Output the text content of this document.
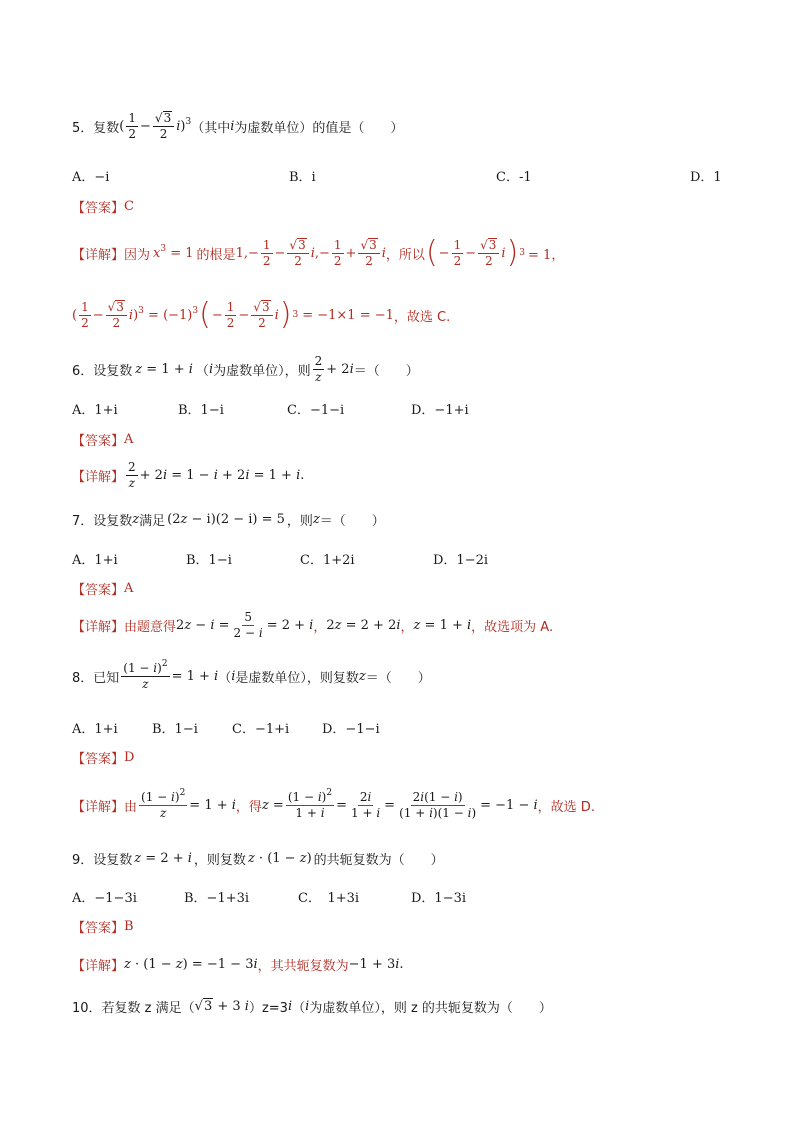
5． 复数 ( $\frac{1}{2} - \frac{√ 3}{2}$ i )$^3$ （其中 i 为虚数单位）的值是（　　）
A．−i	B．i	C．-1	D．1
【答案】 C
【详解】 因为 $x^3 = 1$ 的根是 $1,- \frac{1}{2} - \frac{√ 3}{2}$ i ,− $\frac{1}{2} + \frac{√ 3}{2}$ i ，所以 ( − $\frac{1}{2} - \frac{√ 3}{2}$ i ) 3 = 1，
( $\frac{1}{2} - \frac{√ 3}{2}$ i )$^3 = (-1)^3$ ( − $\frac{1}{2} - \frac{√ 3}{2}$ i ) 3 = −1×1 = −1 ，故选 C.
6． 设复数 z = 1 + i （ i 为虚数单位），则 $\frac{2}{z} + 2i$ ＝（　　）
A．1+i	B．1−i	C．−1−i	D．−1+i
【答案】 A
【详解】 $\frac{2}{z} + 2i = 1 - i + 2i = 1 + i$.
7． 设复数 z 满足 (2z − i)(2 − i) = 5 ，则 z ＝（　　）
A．1+i	B．1−i	C．1+2i	D．1−2i
【答案】 A
【详解】 由题意得 $2z - i = \frac{5}{2 - i} = 2 + i$ ， 2z = 2 + 2i ， z = 1 + i ，故选项为 A.
8． 已知 $\frac{(1 - i)^2}{z} = 1 + i$ （ i 是虚数单位），则复数 z ＝（　　）
A．1+i	B．1−i	C．−1+i	D．−1−i
【答案】 D
【详解】 由 $\frac{(1 - i)^2}{z} = 1 + i$ ，得 $z = \frac{(1 - i)^2}{1 + i} = \frac{2i}{1 + i} = \frac{2i(1 - i)}{(1 + i)(1 - i)} = -1 - i$ ，故选 D.
9． 设复数 z = 2 + i ，则复数 z · (1 − z) 的共轭复数为（　　）
A．−1−3i	B．−1+3i	C．　1+3i	D．1−3i
【答案】 B
【详解】 z · (1 − z) = −1 − 3i ，其共轭复数为 −1 + 3i.
10． 若复数 z 满足（ √ 3 + 3 i ）z=3 i （ i 为虚数单位），则 z 的共轭复数为（　　）
